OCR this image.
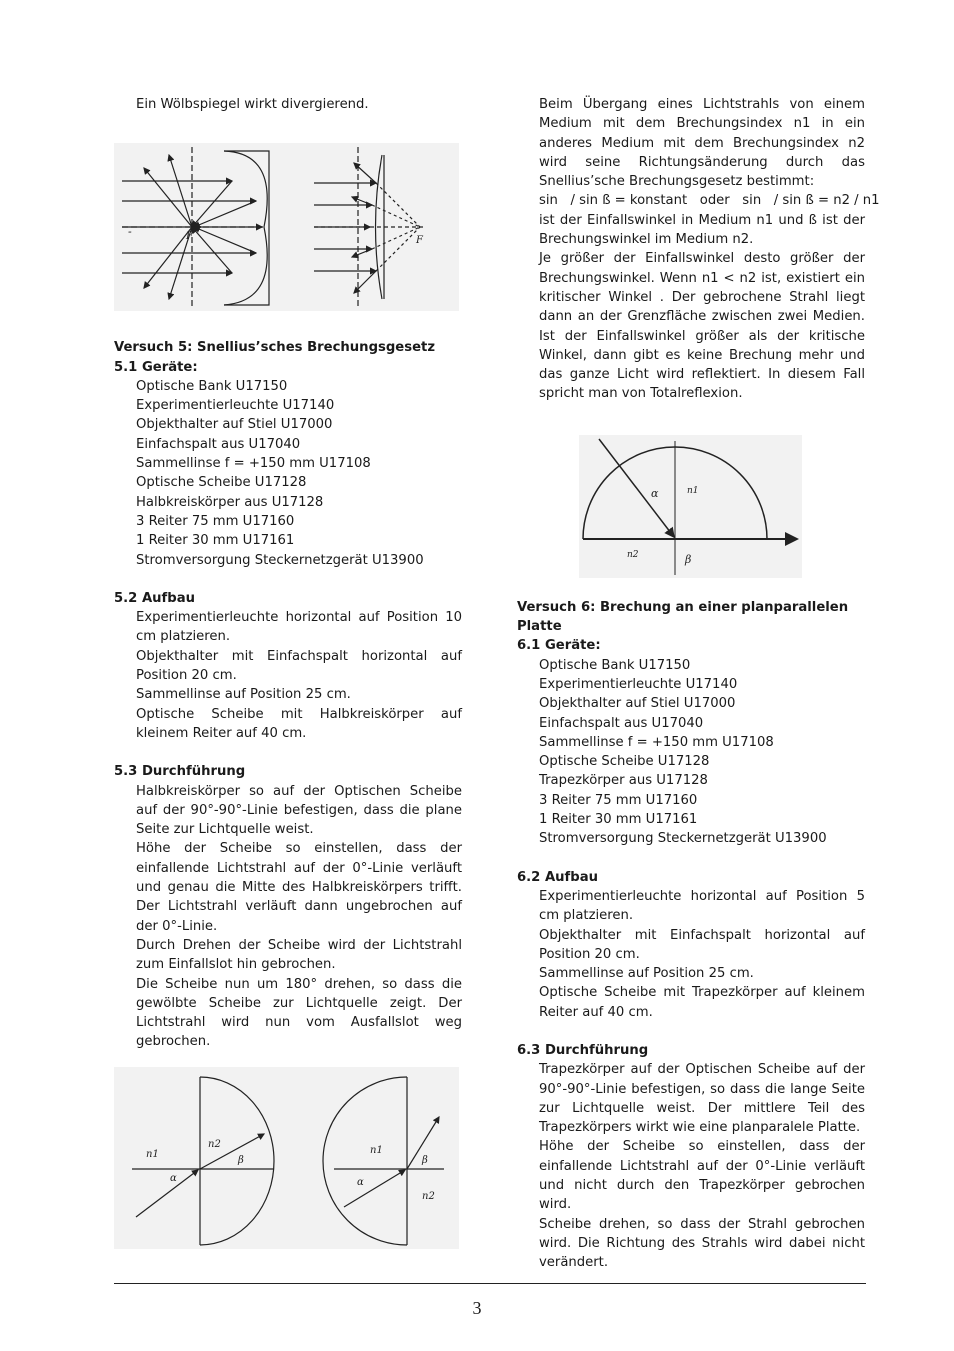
Ein Wölbspiegel wirkt divergierend.

F
-
F
Versuch 5: Snellius’sches Brechungsgesetz
5.1 Geräte:
Optische Bank U17150
Experimentierleuchte U17140
Objekthalter auf Stiel U17000
Einfachspalt aus U17040
Sammellinse f = +150 mm U17108
Optische Scheibe U17128
Halbkreiskörper aus U17128
3 Reiter 75 mm U17160
1 Reiter 30 mm U17161
Stromversorgung Steckernetzgerät U13900
5.2 Aufbau
Experimentierleuchte horizontal auf Position 10 cm platzieren.
Objekthalter mit Einfachspalt horizontal auf Position 20 cm.
Sammellinse auf Position 25 cm.
Optische Scheibe mit Halbkreiskörper auf kleinem Reiter auf 40 cm.
5.3 Durchführung
Halbkreiskörper so auf der Optischen Scheibe auf der 90°-90°-Linie befestigen, dass die plane Seite zur Lichtquelle weist.
Höhe der Scheibe so einstellen, dass der einfallende Lichtstrahl auf der 0°-Linie verläuft und genau die Mitte des Halbkreiskörpers trifft. Der Lichtstrahl verläuft dann ungebrochen auf der 0°-Linie.
Durch Drehen der Scheibe wird der Lichtstrahl zum Einfallslot hin gebrochen.
Die Scheibe nun um 180° drehen, so dass die gewölbte Scheibe zur Lichtquelle zeigt. Der Lichtstrahl wird nun vom Ausfallslot weg gebrochen.
n1
n2
α
β
n1
α
β
n2
Beim Übergang eines Lichtstrahls von einem Medium mit dem Brechungsindex n1 in ein anderes Medium mit dem Brechungsindex n2 wird seine Richtungsänderung durch das Snellius’sche Brechungsgesetz bestimmt:
sin   / sin ß = konstant   oder   sin   / sin ß = n2 / n1
ist der Einfallswinkel in Medium n1 und ß ist der Brechungswinkel im Medium n2.
Je größer der Einfallswinkel desto größer der Brechungswinkel. Wenn n1 < n2 ist, existiert ein kritischer Winkel . Der gebrochene Strahl liegt dann an der Grenzfläche zwischen zwei Medien. Ist der Einfallswinkel größer als der kritische Winkel, dann gibt es keine Brechung mehr und das ganze Licht wird reflektiert. In diesem Fall spricht man von Totalreflexion.
α	n1
n2	β
Versuch 6: Brechung an einer planparallelen Platte
6.1 Geräte:
Optische Bank U17150
Experimentierleuchte U17140
Objekthalter auf Stiel U17000
Einfachspalt aus U17040
Sammellinse f = +150 mm U17108
Optische Scheibe U17128
Trapezkörper aus U17128
3 Reiter 75 mm U17160
1 Reiter 30 mm U17161
Stromversorgung Steckernetzgerät U13900
6.2 Aufbau
Experimentierleuchte horizontal auf Position 5 cm platzieren.
Objekthalter mit Einfachspalt horizontal auf Position 20 cm.
Sammellinse auf Position 25 cm.
Optische Scheibe mit Trapezkörper auf kleinem Reiter auf 40 cm.
6.3 Durchführung
Trapezkörper auf der Optischen Scheibe auf der 90°-90°-Linie befestigen, so dass die lange Seite zur Lichtquelle weist. Der mittlere Teil des Trapezkörpers wirkt wie eine planparalele Platte.
Höhe der Scheibe so einstellen, dass der einfallende Lichtstrahl auf der 0°-Linie verläuft und nicht durch den Trapezkörper gebrochen wird.
Scheibe drehen, so dass der Strahl gebrochen wird. Die Richtung des Strahls wird dabei nicht verändert.
3
